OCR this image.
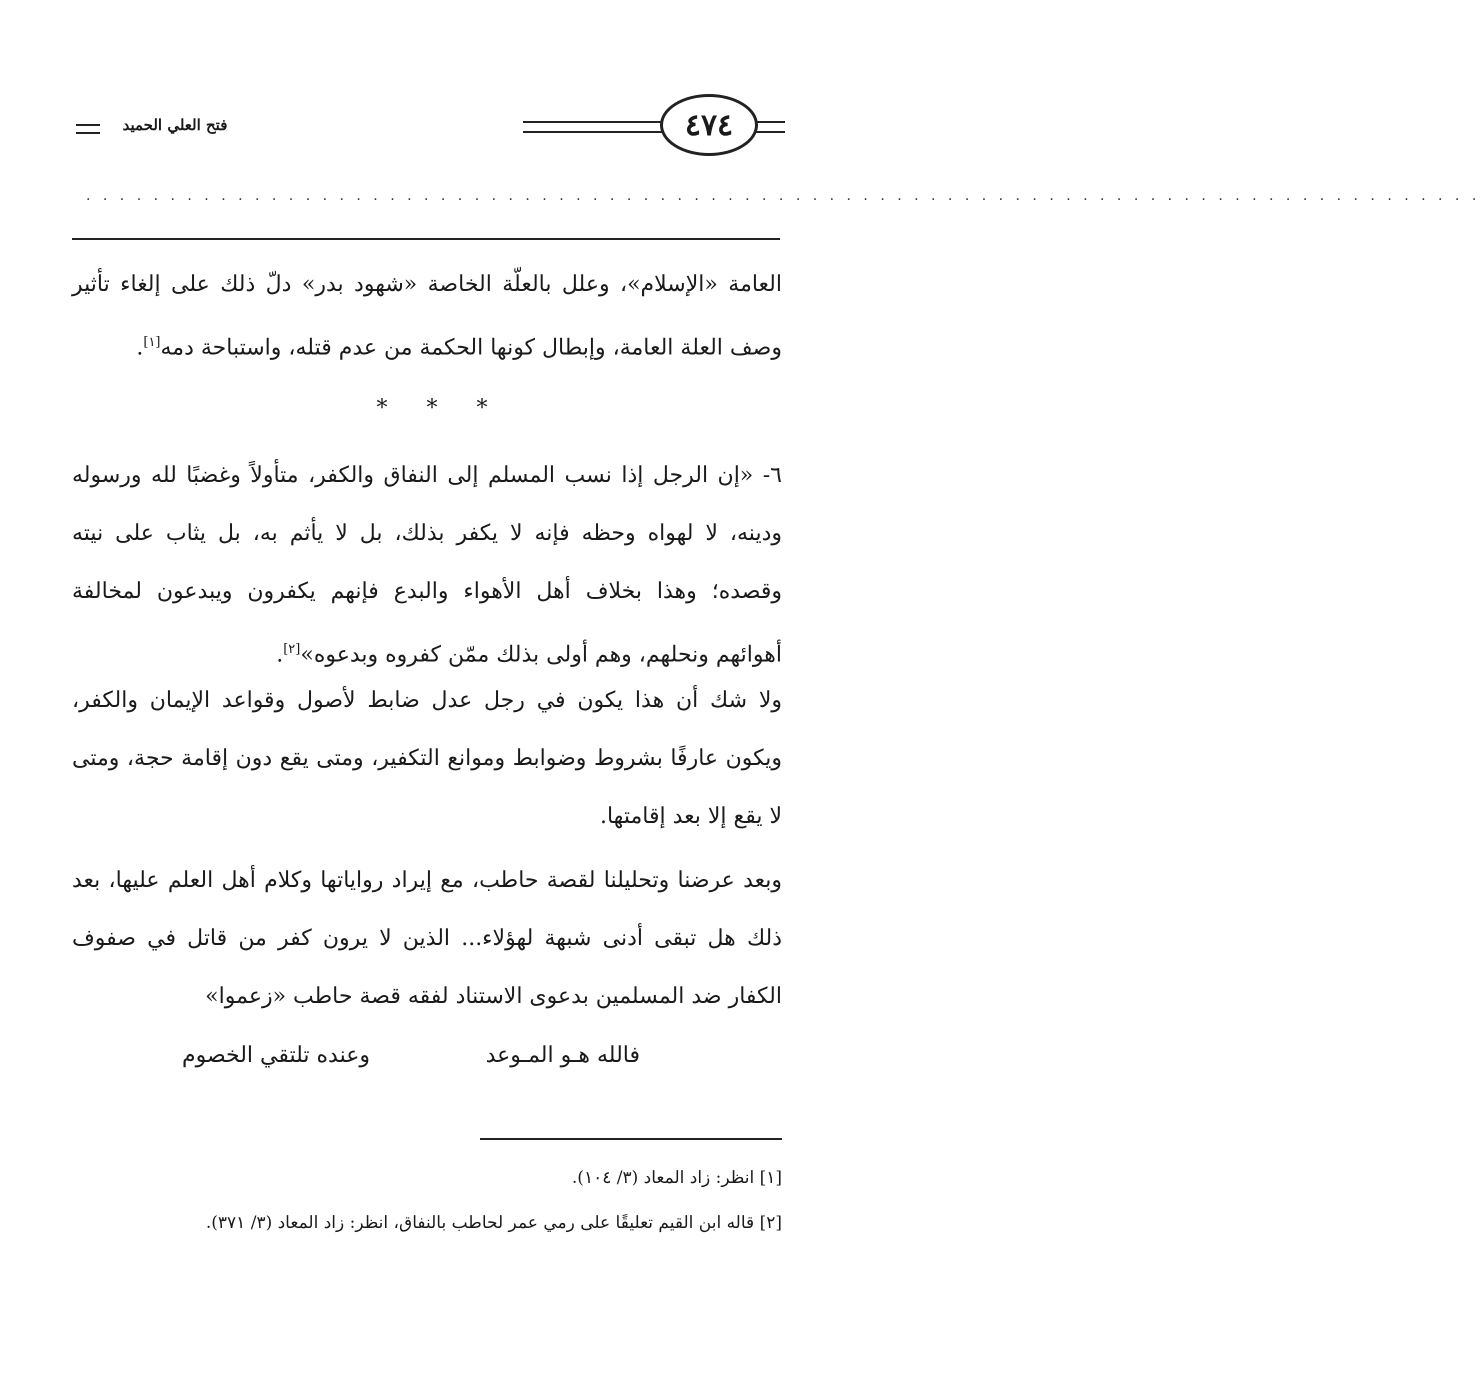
فتح العلي الحميد	٤٧٤
. . . . . . . . . . . . . . . . . . . . . . . . . . . . . . . . . . . . . . . . . . . . . . . . . . . . . . . . . . . . . . . . . . . . . . . . . . . . . . . . . . .
العامة «الإسلام»، وعلل بالعلّة الخاصة «شهود بدر» دلّ ذلك على إلغاء تأثير وصف العلة العامة، وإبطال كونها الحكمة من عدم قتله، واستباحة دمه[١].
* * *
٦- «إن الرجل إذا نسب المسلم إلى النفاق والكفر، متأولاً وغضبًا لله ورسوله ودينه، لا لهواه وحظه فإنه لا يكفر بذلك، بل لا يأثم به، بل يثاب على نيته وقصده؛ وهذا بخلاف أهل الأهواء والبدع فإنهم يكفرون ويبدعون لمخالفة أهوائهم ونحلهم، وهم أولى بذلك ممّن كفروه وبدعوه»[٢].
ولا شك أن هذا يكون في رجل عدل ضابط لأصول وقواعد الإيمان والكفر، ويكون عارفًا بشروط وضوابط وموانع التكفير، ومتى يقع دون إقامة حجة، ومتى لا يقع إلا بعد إقامتها.
وبعد عرضنا وتحليلنا لقصة حاطب، مع إيراد رواياتها وكلام أهل العلم عليها، بعد ذلك هل تبقى أدنى شبهة لهؤلاء... الذين لا يرون كفر من قاتل في صفوف الكفار ضد المسلمين بدعوى الاستناد لفقه قصة حاطب «زعموا»
فالله هـو المـوعد
وعنده تلتقي الخصوم
[١] انظر: زاد المعاد (٣/ ١٠٤).
[٢] قاله ابن القيم تعليقًا على رمي عمر لحاطب بالنفاق، انظر: زاد المعاد (٣/ ٣٧١).
